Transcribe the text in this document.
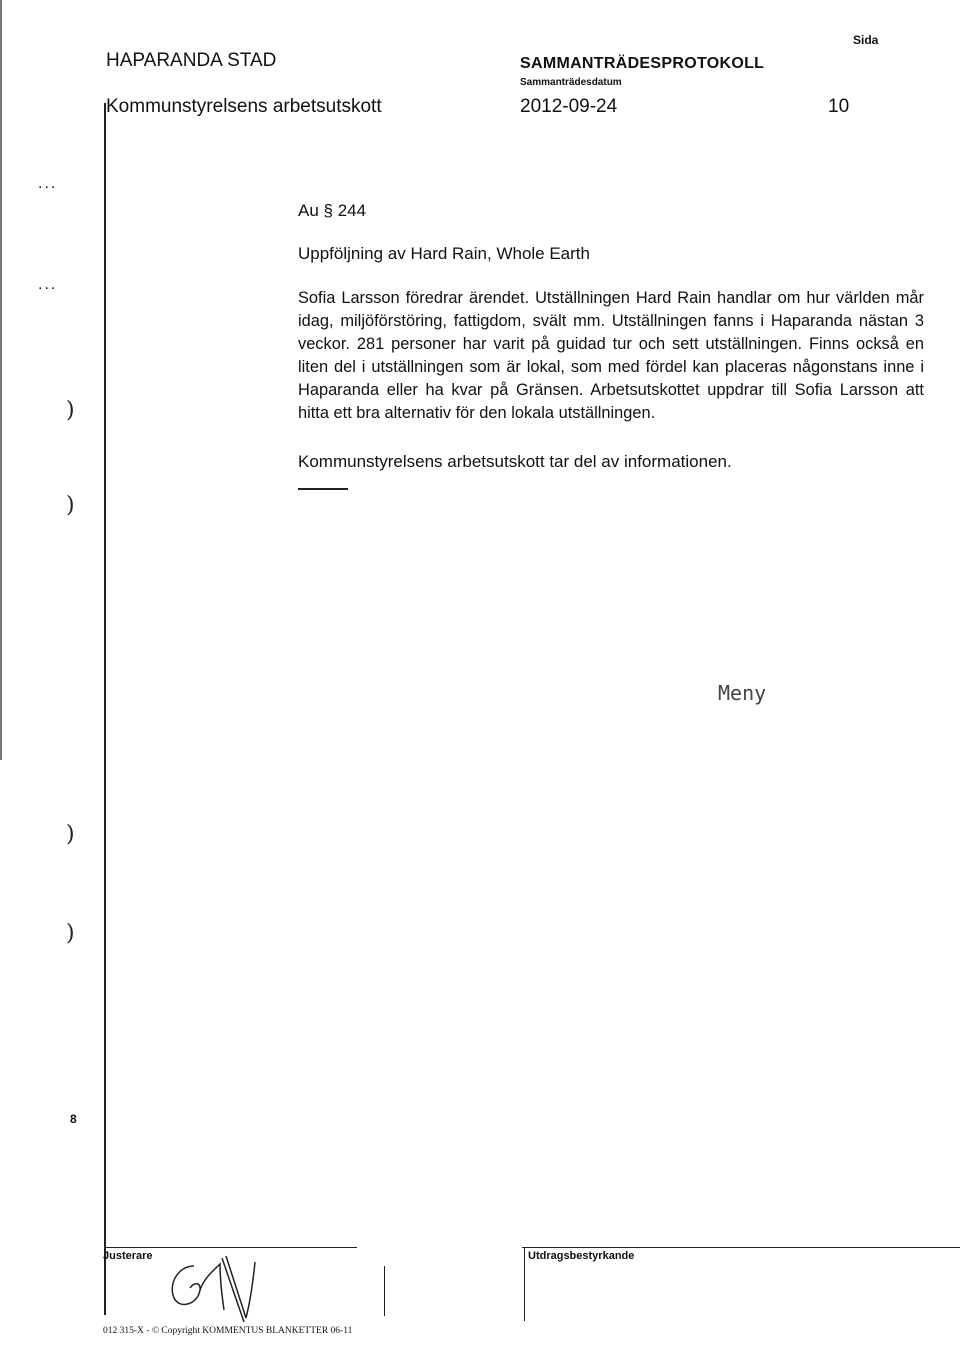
HAPARANDA STAD	SAMMANTRÄDESPROTOKOLL
Sammanträdesdatum
Sida
Kommunstyrelsens arbetsutskott	2012-09-24	10
...
...
)
)
)
)
8
Au § 244
Uppföljning av Hard Rain, Whole Earth
Sofia Larsson föredrar ärendet. Utställningen Hard Rain handlar om hur världen mår idag, miljöförstöring, fattigdom, svält mm. Utställningen fanns i Haparanda nästan 3 veckor. 281 personer har varit på guidad tur och sett utställningen. Finns också en liten del i utställningen som är lokal, som med fördel kan placeras någonstans inne i Haparanda eller ha kvar på Gränsen. Arbetsutskottet uppdrar till Sofia Larsson att hitta ett bra alternativ för den lokala utställningen.
Kommunstyrelsens arbetsutskott tar del av informationen.
Meny
Justerare	Utdragsbestyrkande
012 315-X - © Copyright KOMMENTUS BLANKETTER 06-11
